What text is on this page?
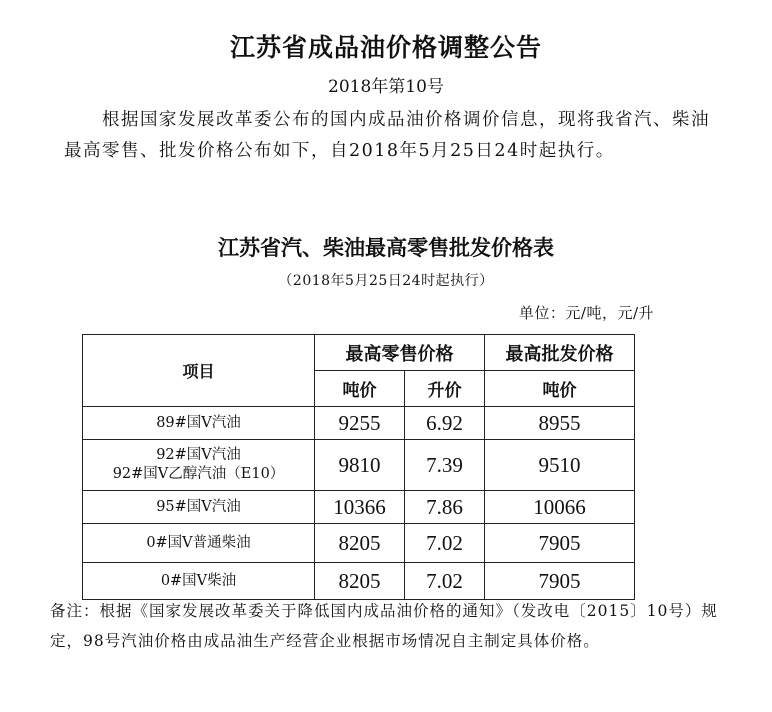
江苏省成品油价格调整公告
2018年第10号
根据国家发展改革委公布的国内成品油价格调价信息，现将我省汽、柴油最高零售、批发价格公布如下，自2018年5月25日24时起执行。
江苏省汽、柴油最高零售批发价格表
（2018年5月25日24时起执行）
单位：元/吨，元/升
项目	最高零售价格		最高批发价格
	吨价	升价	吨价
89#国Ⅴ汽油	9255	6.92	8955

92#国Ⅴ汽油
92#国Ⅴ乙醇汽油（E10）	9810	7.39	9510
95#国Ⅴ汽油	10366	7.86	10066
0#国Ⅴ普通柴油	8205	7.02	7905
0#国Ⅴ柴油	8205	7.02	7905
备注：根据《国家发展改革委关于降低国内成品油价格的通知》（发改电〔2015〕10号）规定，98号汽油价格由成品油生产经营企业根据市场情况自主制定具体价格。
